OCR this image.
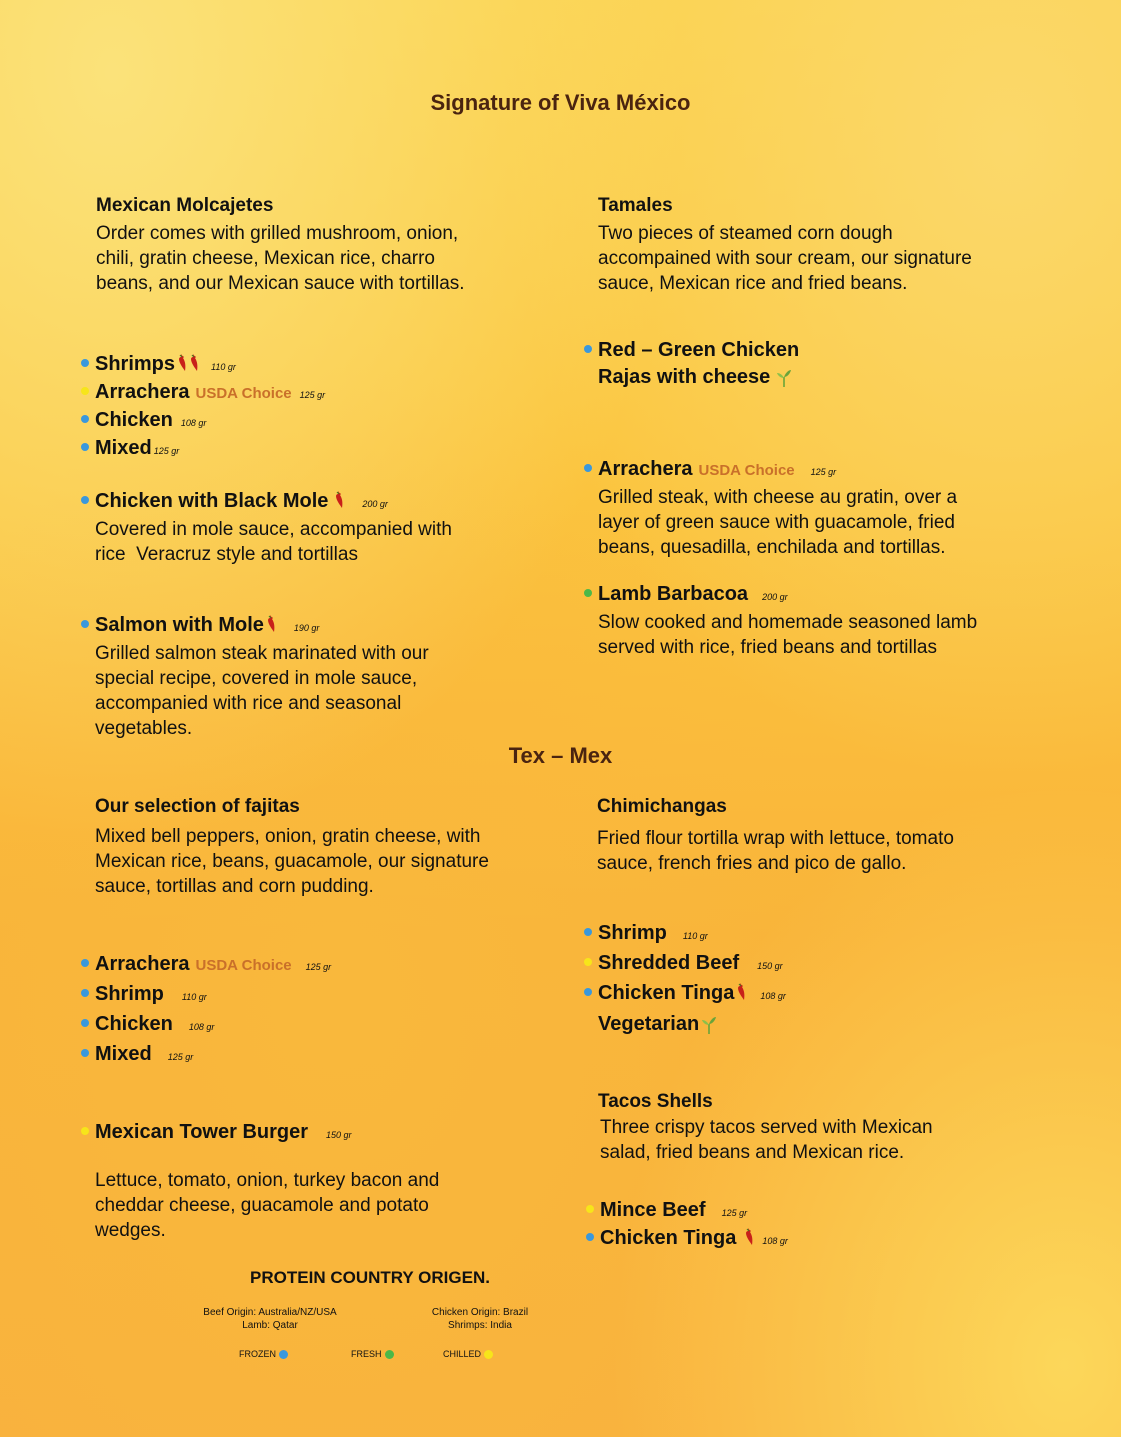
Signature of Viva México
Mexican Molcajetes
Order comes with grilled mushroom, onion,
chili, gratin cheese, Mexican rice, charro
beans, and our Mexican sauce with tortillas.
Shrimps	110 gr
Arrachera USDA Choice 125 gr
Chicken 108 gr
Mixed 125 gr
Chicken with Black Mole	200 gr
Covered in mole sauce, accompanied with
rice  Veracruz style and tortillas
Salmon with Mole	190 gr
Grilled salmon steak marinated with our
special recipe, covered in mole sauce,
accompanied with rice and seasonal
vegetables.
Tamales
Two pieces of steamed corn dough
accompained with sour cream, our signature
sauce, Mexican rice and fried beans.
Red – Green Chicken
Rajas with cheese
Arrachera USDA Choice 125 gr
Grilled steak, with cheese au gratin, over a
layer of green sauce with guacamole, fried
beans, quesadilla, enchilada and tortillas.
Lamb Barbacoa 200 gr
Slow cooked and homemade seasoned lamb
served with rice, fried beans and tortillas
Tex – Mex
Our selection of fajitas
Mixed bell peppers, onion, gratin cheese, with
Mexican rice, beans, guacamole, our signature
sauce, tortillas and corn pudding.
Arrachera USDA Choice 125 gr
Shrimp 110 gr
Chicken 108 gr
Mixed 125 gr
Mexican Tower Burger 150 gr
Lettuce, tomato, onion, turkey bacon and
cheddar cheese, guacamole and potato
wedges.
Chimichangas
Fried flour tortilla wrap with lettuce, tomato
sauce, french fries and pico de gallo.
Shrimp 110 gr
Shredded Beef 150 gr
Chicken Tinga	108 gr
Vegetarian
Tacos Shells
Three crispy tacos served with Mexican
salad, fried beans and Mexican rice.
Mince Beef 125 gr
Chicken Tinga	108 gr
PROTEIN COUNTRY ORIGEN.
Beef Origin: Australia/NZ/USA
Lamb: Qatar
Chicken Origin: Brazil
Shrimps: India
FROZEN	FRESH	CHILLED
